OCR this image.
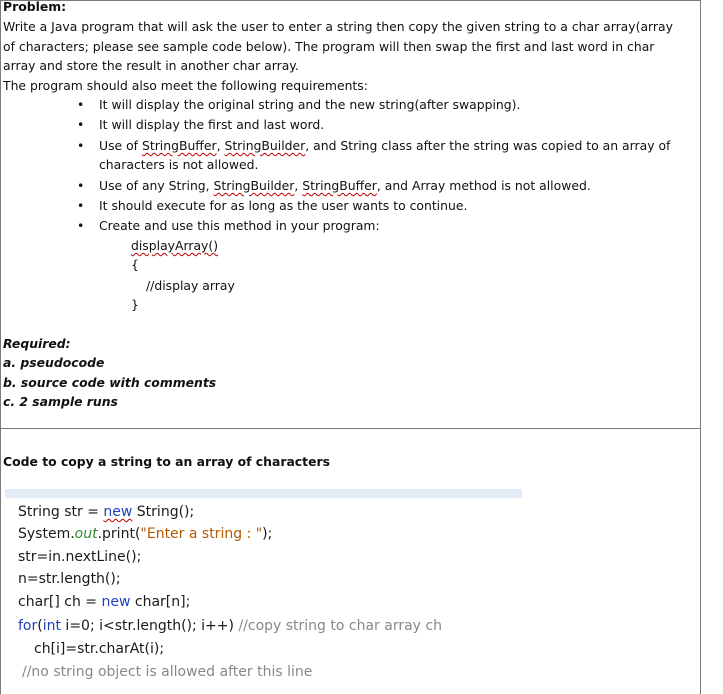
Problem:
Write a Java program that will ask the user to enter a string then copy the given string to a char array(array
of characters; please see sample code below). The program will then swap the first and last word in char
array and store the result in another char array.
The program should also meet the following requirements:
• It will display the original string and the new string(after swapping).
• It will display the first and last word.
• Use of StringBuffer, StringBuilder, and String class after the string was copied to an array of
characters is not allowed.
• Use of any String, StringBuilder, StringBuffer, and Array method is not allowed.
• It should execute for as long as the user wants to continue.
• Create and use this method in your program:
displayArray()
{
//display array
}
Required:
a. pseudocode
b. source code with comments
c. 2 sample runs
Code to copy a string to an array of characters
String str = new String();
System.out.print("Enter a string : ");
str=in.nextLine();
n=str.length();
char[] ch = new char[n];
for(int i=0; i<str.length(); i++) //copy string to char array ch
ch[i]=str.charAt(i);
//no string object is allowed after this line
